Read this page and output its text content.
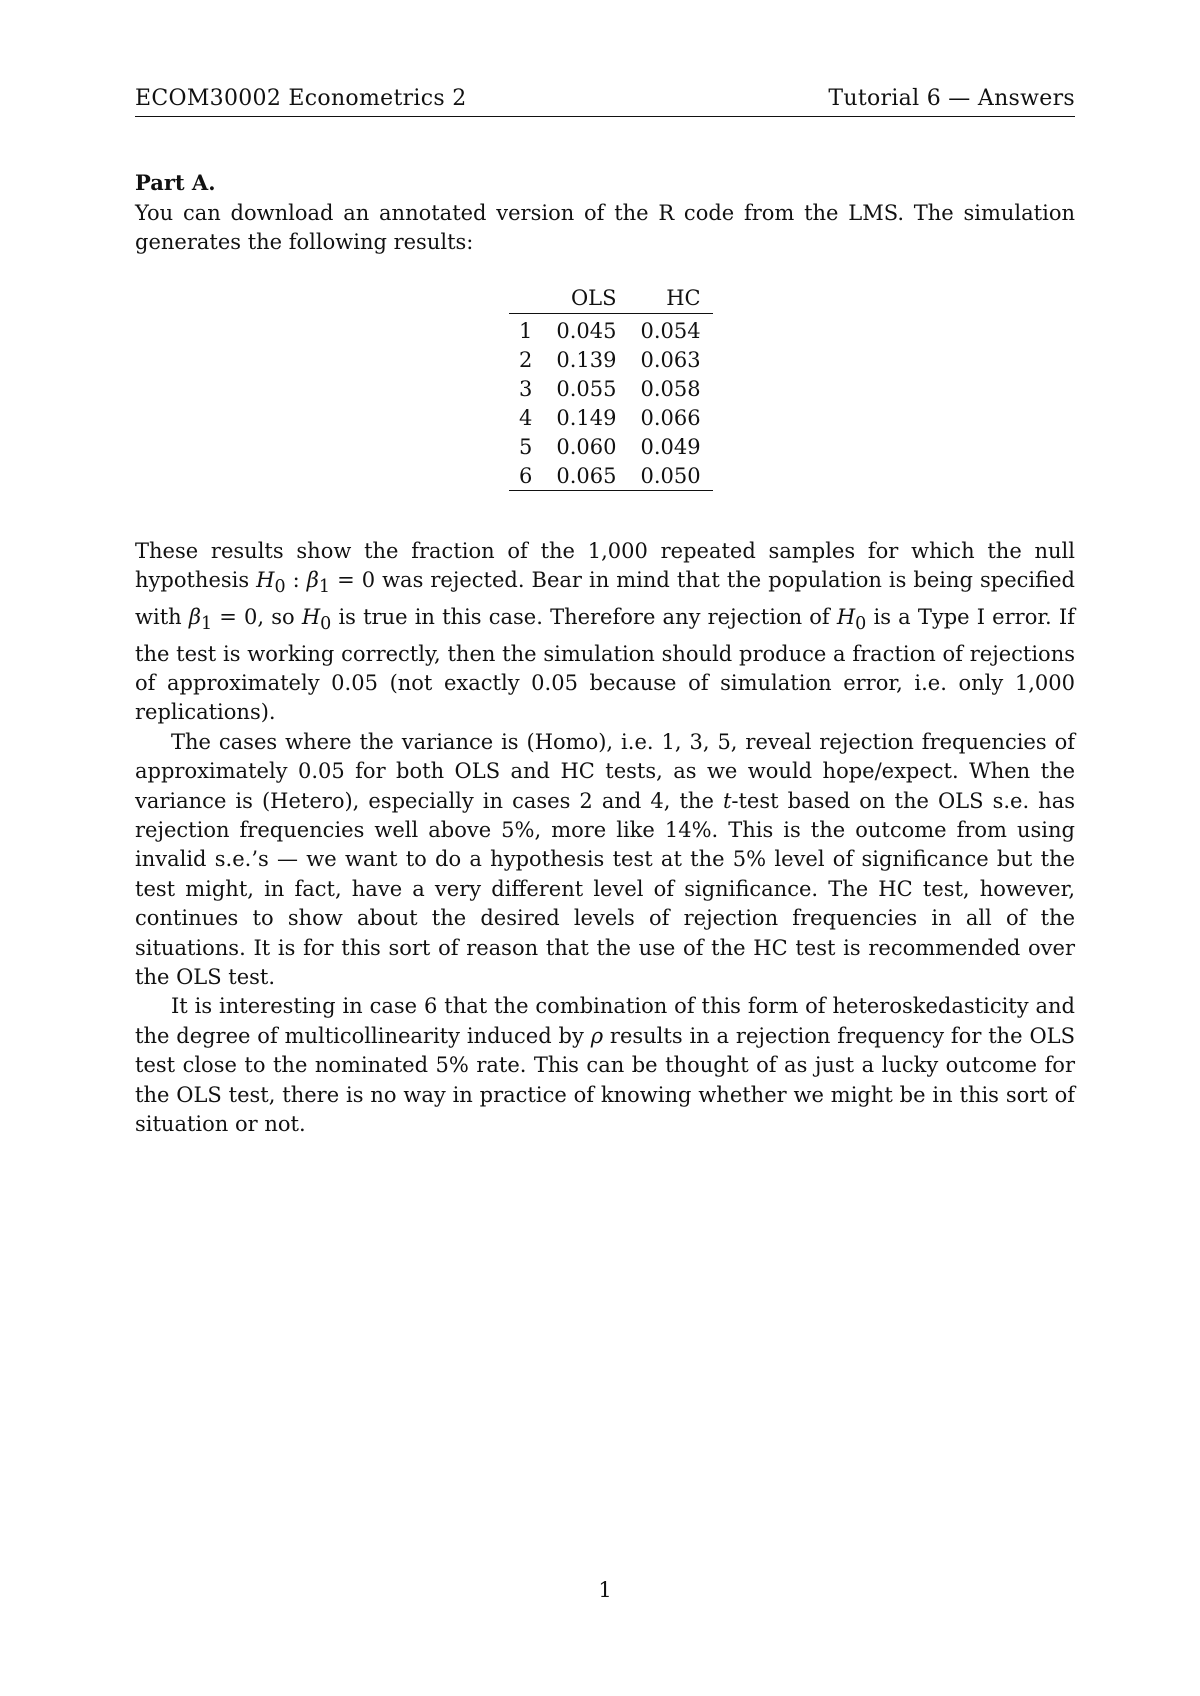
ECOM30002 Econometrics 2	Tutorial 6 — Answers
Part A.
You can download an annotated version of the R code from the LMS. The simulation generates the following results:
	OLS	HC
1	0.045	0.054
2	0.139	0.063
3	0.055	0.058
4	0.149	0.066
5	0.060	0.049
6	0.065	0.050

These results show the fraction of the 1,000 repeated samples for which the null hypothesis $H_0$ : $\beta_1 = 0$ was rejected. Bear in mind that the population is being specified with $\beta_1 = 0$, so $H_0$ is true in this case. Therefore any rejection of $H_0$ is a Type I error. If the test is working correctly, then the simulation should produce a fraction of rejections of approximately 0.05 (not exactly 0.05 because of simulation error, i.e. only 1,000 replications).

The cases where the variance is (Homo), i.e. 1, 3, 5, reveal rejection frequencies of approximately 0.05 for both OLS and HC tests, as we would hope/expect. When the variance is (Hetero), especially in cases 2 and 4, the t-test based on the OLS s.e. has rejection frequencies well above 5%, more like 14%. This is the outcome from using invalid s.e.’s — we want to do a hypothesis test at the 5% level of significance but the test might, in fact, have a very different level of significance. The HC test, however, continues to show about the desired levels of rejection frequencies in all of the situations. It is for this sort of reason that the use of the HC test is recommended over the OLS test.

It is interesting in case 6 that the combination of this form of heteroskedasticity and the degree of multicollinearity induced by ρ results in a rejection frequency for the OLS test close to the nominated 5% rate. This can be thought of as just a lucky outcome for the OLS test, there is no way in practice of knowing whether we might be in this sort of situation or not.

1
